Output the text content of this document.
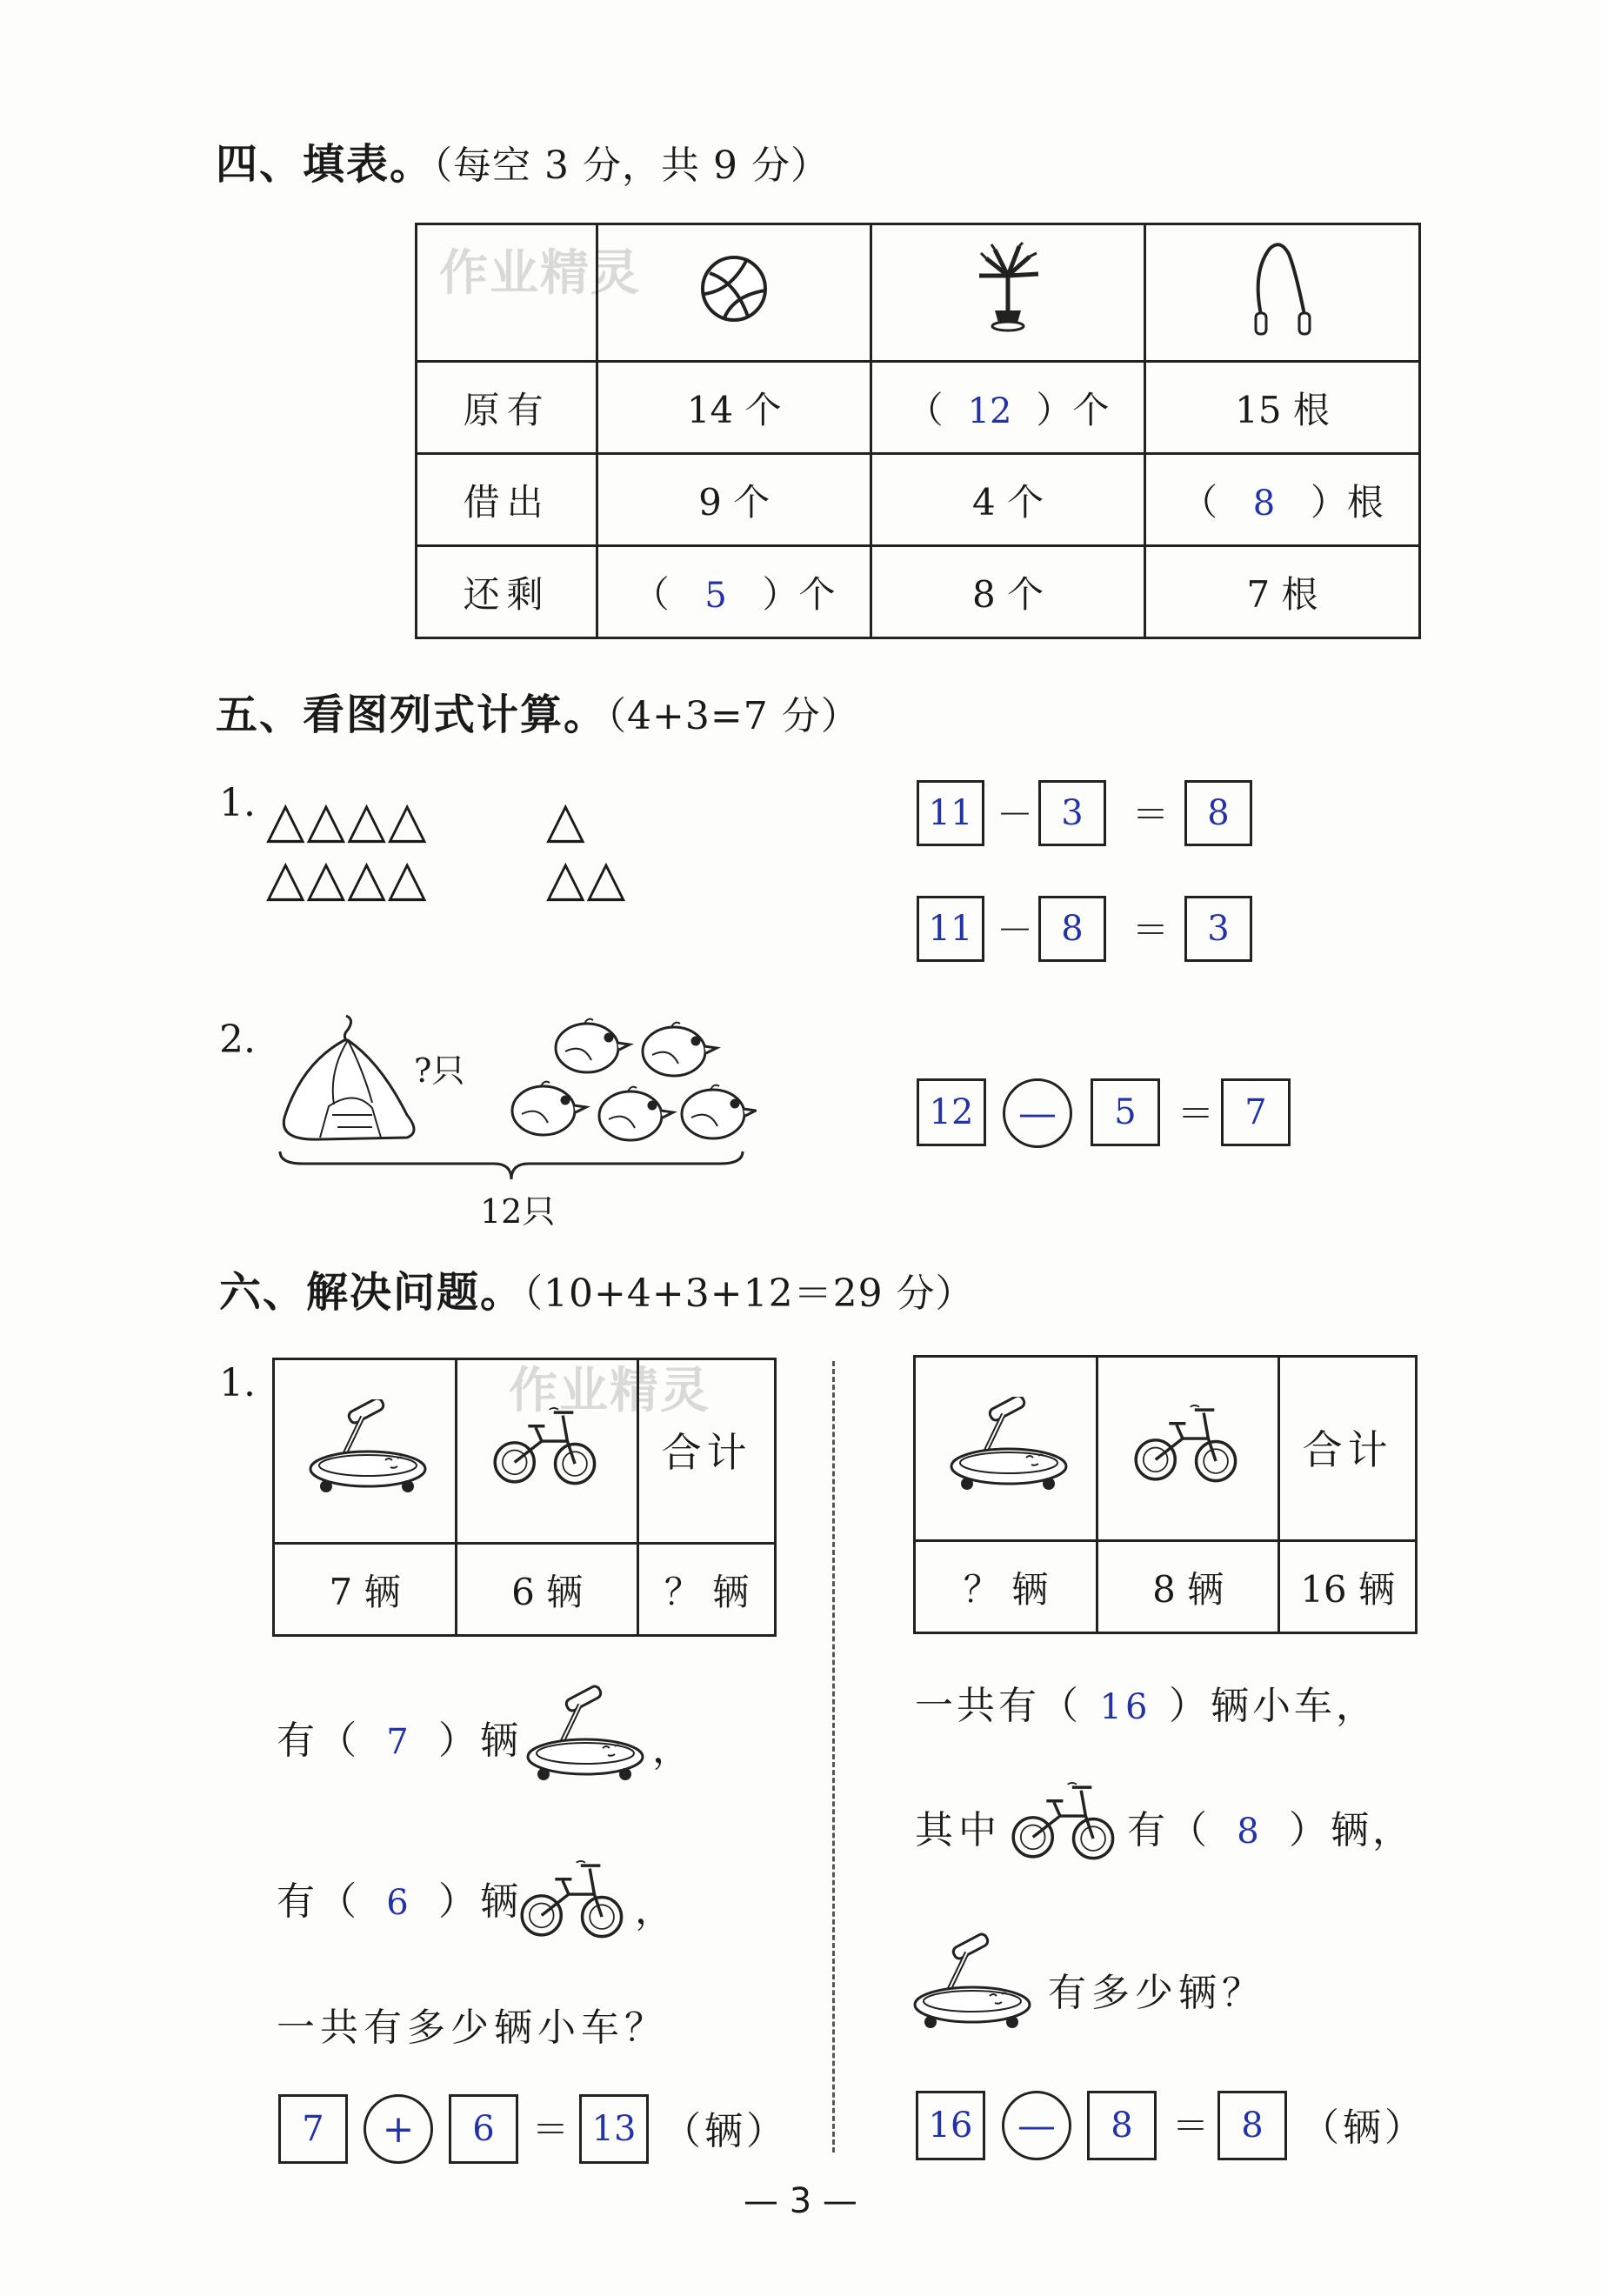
四、填表。（每空 3 分，共 9 分）
作业精灵

原有	14 个	（ 12 ）个	15 根
借出	9 个	4 个	（ 8 ）根
还剩	（ 5 ）个	8 个	7 根
五、看图列式计算。（4+3=7 分）
1. △△△△ △
△△△△ △△
11 － 3	＝	8
11 － 8	＝	3
2.
?只
12只
12	—	5	＝ 7
六、解决问题。（10+4+3+12＝29 分）
1.	作业精灵
		合计
7 辆	6 辆	？ 辆
		合计
？ 辆	8 辆	16 辆
有（ 7 ）辆	，
有（ 6 ）辆	，
一共有多少辆小车？
7	+	6	＝ 13 （辆）
一共有（ 16 ）辆小车，
其中	有（ 8 ）辆，
有多少辆？
16	—	8	＝ 8 （辆）
— 3 —
